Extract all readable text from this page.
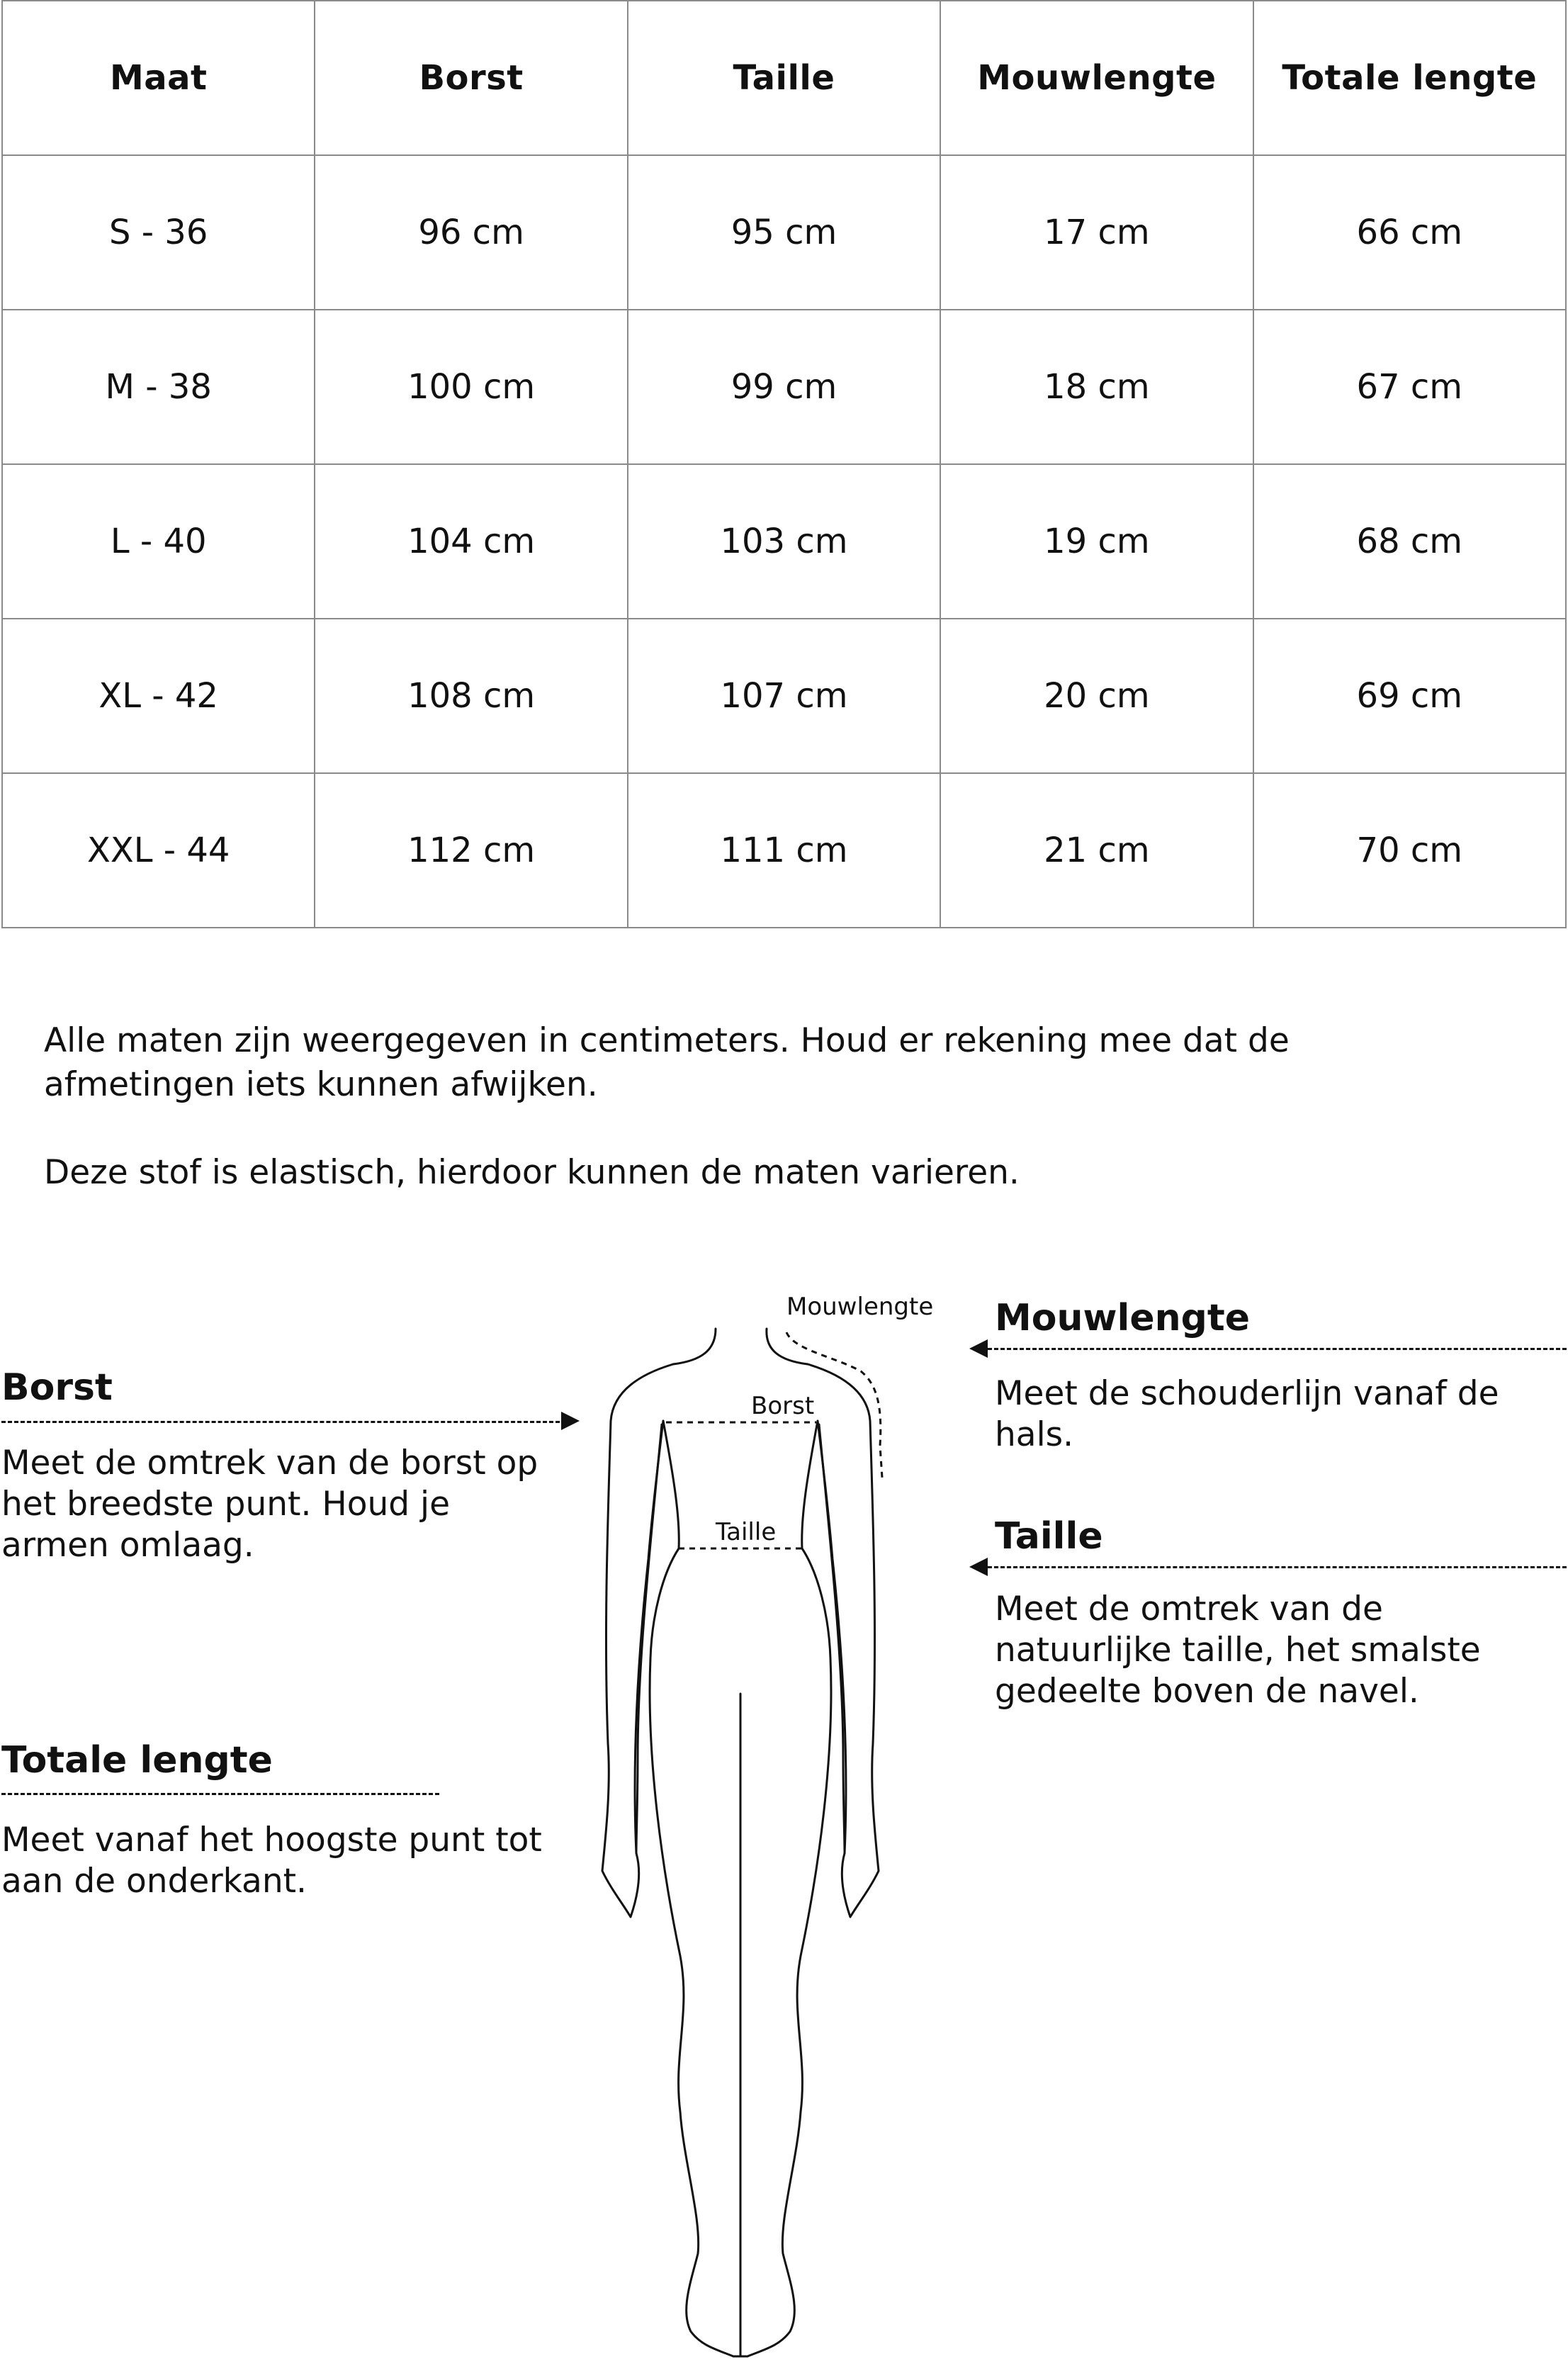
Maat	Borst	Taille	Mouwlengte	Totale lengte
S - 36	96 cm	95 cm	17 cm	66 cm
M - 38	100 cm	99 cm	18 cm	67 cm
L - 40	104 cm	103 cm	19 cm	68 cm
XL - 42	108 cm	107 cm	20 cm	69 cm
XXL - 44	112 cm	111 cm	21 cm	70 cm

Alle maten zijn weergegeven in centimeters. Houd er rekening mee dat de afmetingen iets kunnen afwijken.

Deze stof is elastisch, hierdoor kunnen de maten varieren.

Mouwlengte
Borst
Taille
Borst

Meet de omtrek van de borst op het breedste punt. Houd je armen omlaag.

Totale lengte

Meet vanaf het hoogste punt tot aan de onderkant.

Mouwlengte

Meet de schouderlijn vanaf de hals.

Taille

Meet de omtrek van de natuurlijke taille, het smalste gedeelte boven de navel.
